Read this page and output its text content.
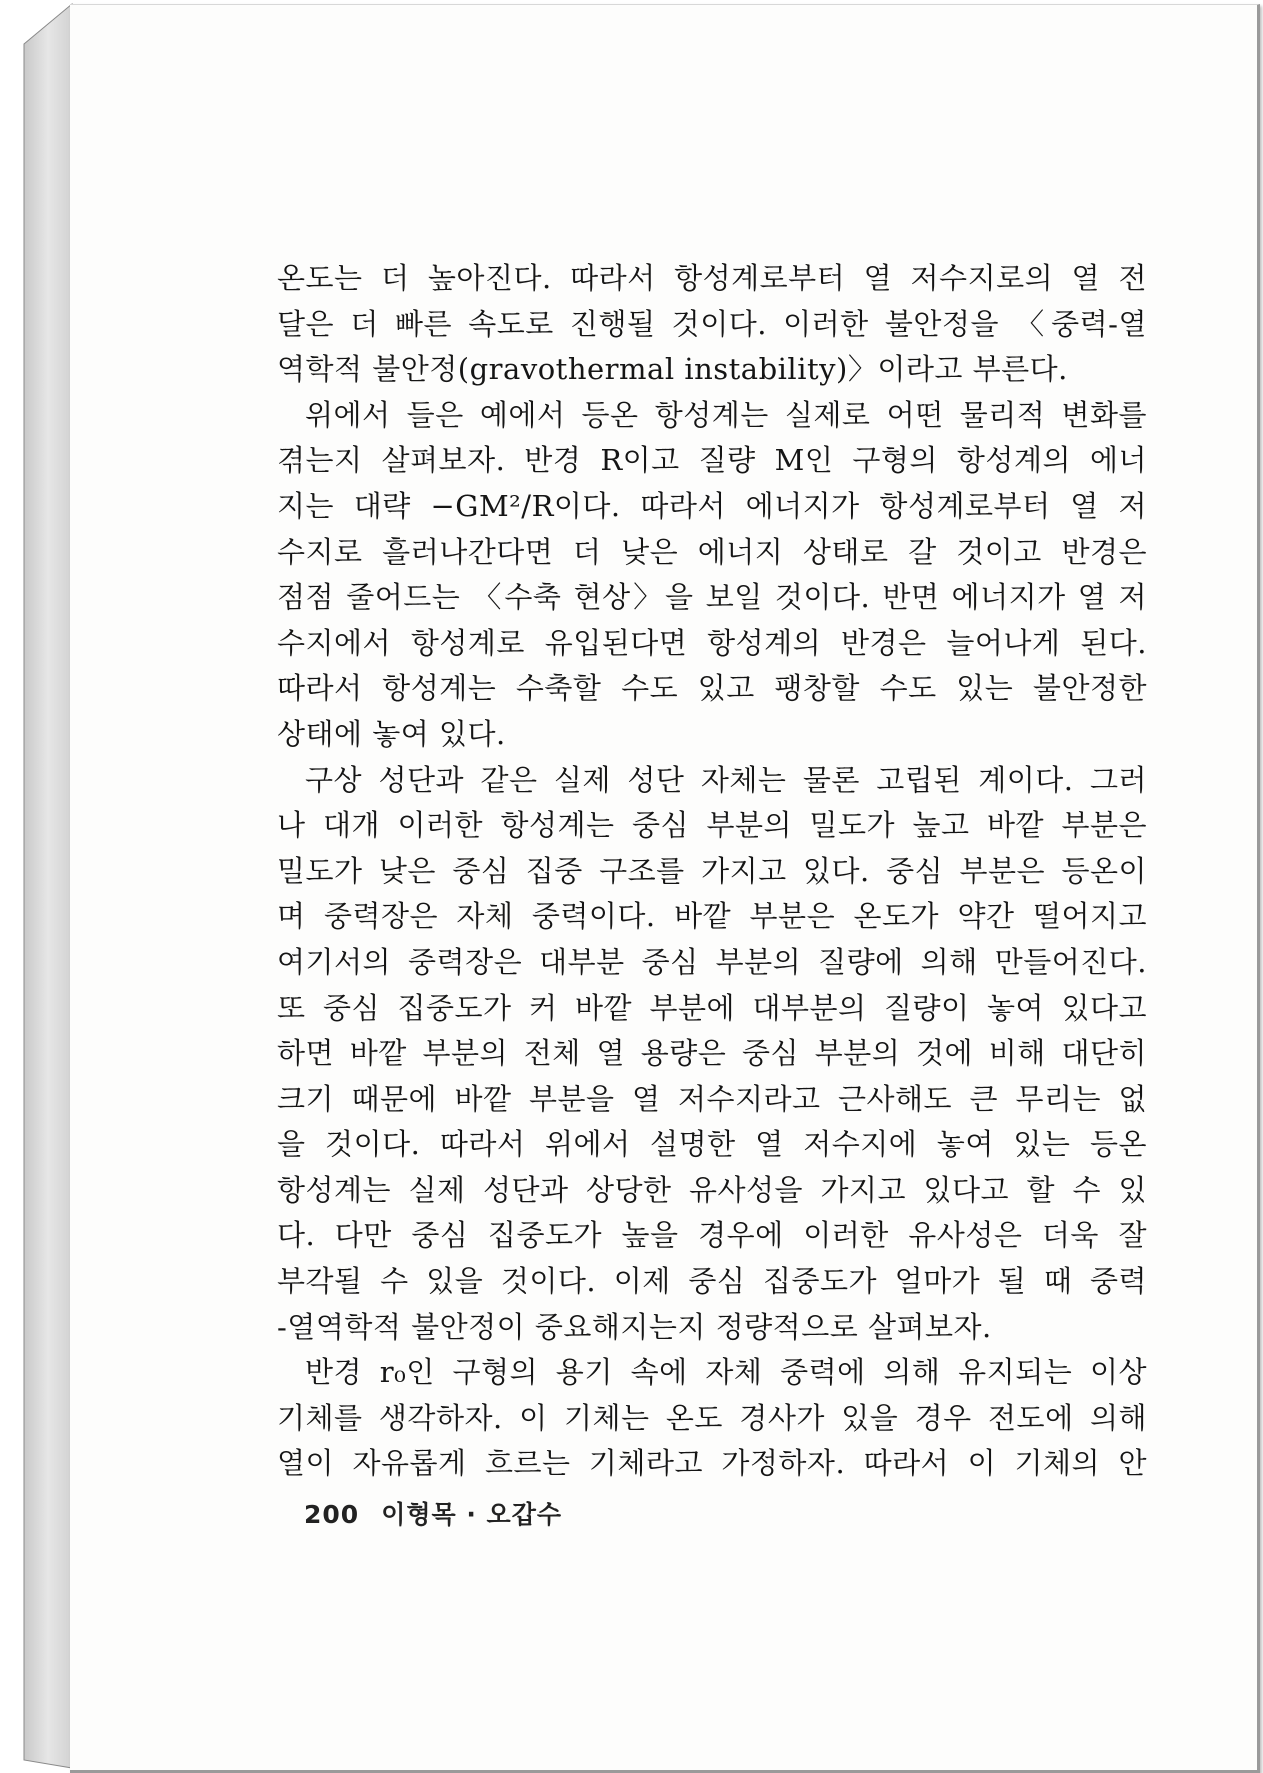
온도는 더 높아진다. 따라서 항성계로부터 열 저수지로의 열 전
달은 더 빠른 속도로 진행될 것이다. 이러한 불안정을 〈중력-열
역학적 불안정(gravothermal instability)〉이라고 부른다.
위에서 들은 예에서 등온 항성계는 실제로 어떤 물리적 변화를
겪는지 살펴보자. 반경 R이고 질량 M인 구형의 항성계의 에너
지는 대략 −GM²/R이다. 따라서 에너지가 항성계로부터 열 저
수지로 흘러나간다면 더 낮은 에너지 상태로 갈 것이고 반경은
점점 줄어드는 〈수축 현상〉을 보일 것이다. 반면 에너지가 열 저
수지에서 항성계로 유입된다면 항성계의 반경은 늘어나게 된다.
따라서 항성계는 수축할 수도 있고 팽창할 수도 있는 불안정한
상태에 놓여 있다.
구상 성단과 같은 실제 성단 자체는 물론 고립된 계이다. 그러
나 대개 이러한 항성계는 중심 부분의 밀도가 높고 바깥 부분은
밀도가 낮은 중심 집중 구조를 가지고 있다. 중심 부분은 등온이
며 중력장은 자체 중력이다. 바깥 부분은 온도가 약간 떨어지고
여기서의 중력장은 대부분 중심 부분의 질량에 의해 만들어진다.
또 중심 집중도가 커 바깥 부분에 대부분의 질량이 놓여 있다고
하면 바깥 부분의 전체 열 용량은 중심 부분의 것에 비해 대단히
크기 때문에 바깥 부분을 열 저수지라고 근사해도 큰 무리는 없
을 것이다. 따라서 위에서 설명한 열 저수지에 놓여 있는 등온
항성계는 실제 성단과 상당한 유사성을 가지고 있다고 할 수 있
다. 다만 중심 집중도가 높을 경우에 이러한 유사성은 더욱 잘
부각될 수 있을 것이다. 이제 중심 집중도가 얼마가 될 때 중력
-열역학적 불안정이 중요해지는지 정량적으로 살펴보자.
반경 r₀인 구형의 용기 속에 자체 중력에 의해 유지되는 이상
기체를 생각하자. 이 기체는 온도 경사가 있을 경우 전도에 의해
열이 자유롭게 흐르는 기체라고 가정하자. 따라서 이 기체의 안
200 이형목 · 오갑수
